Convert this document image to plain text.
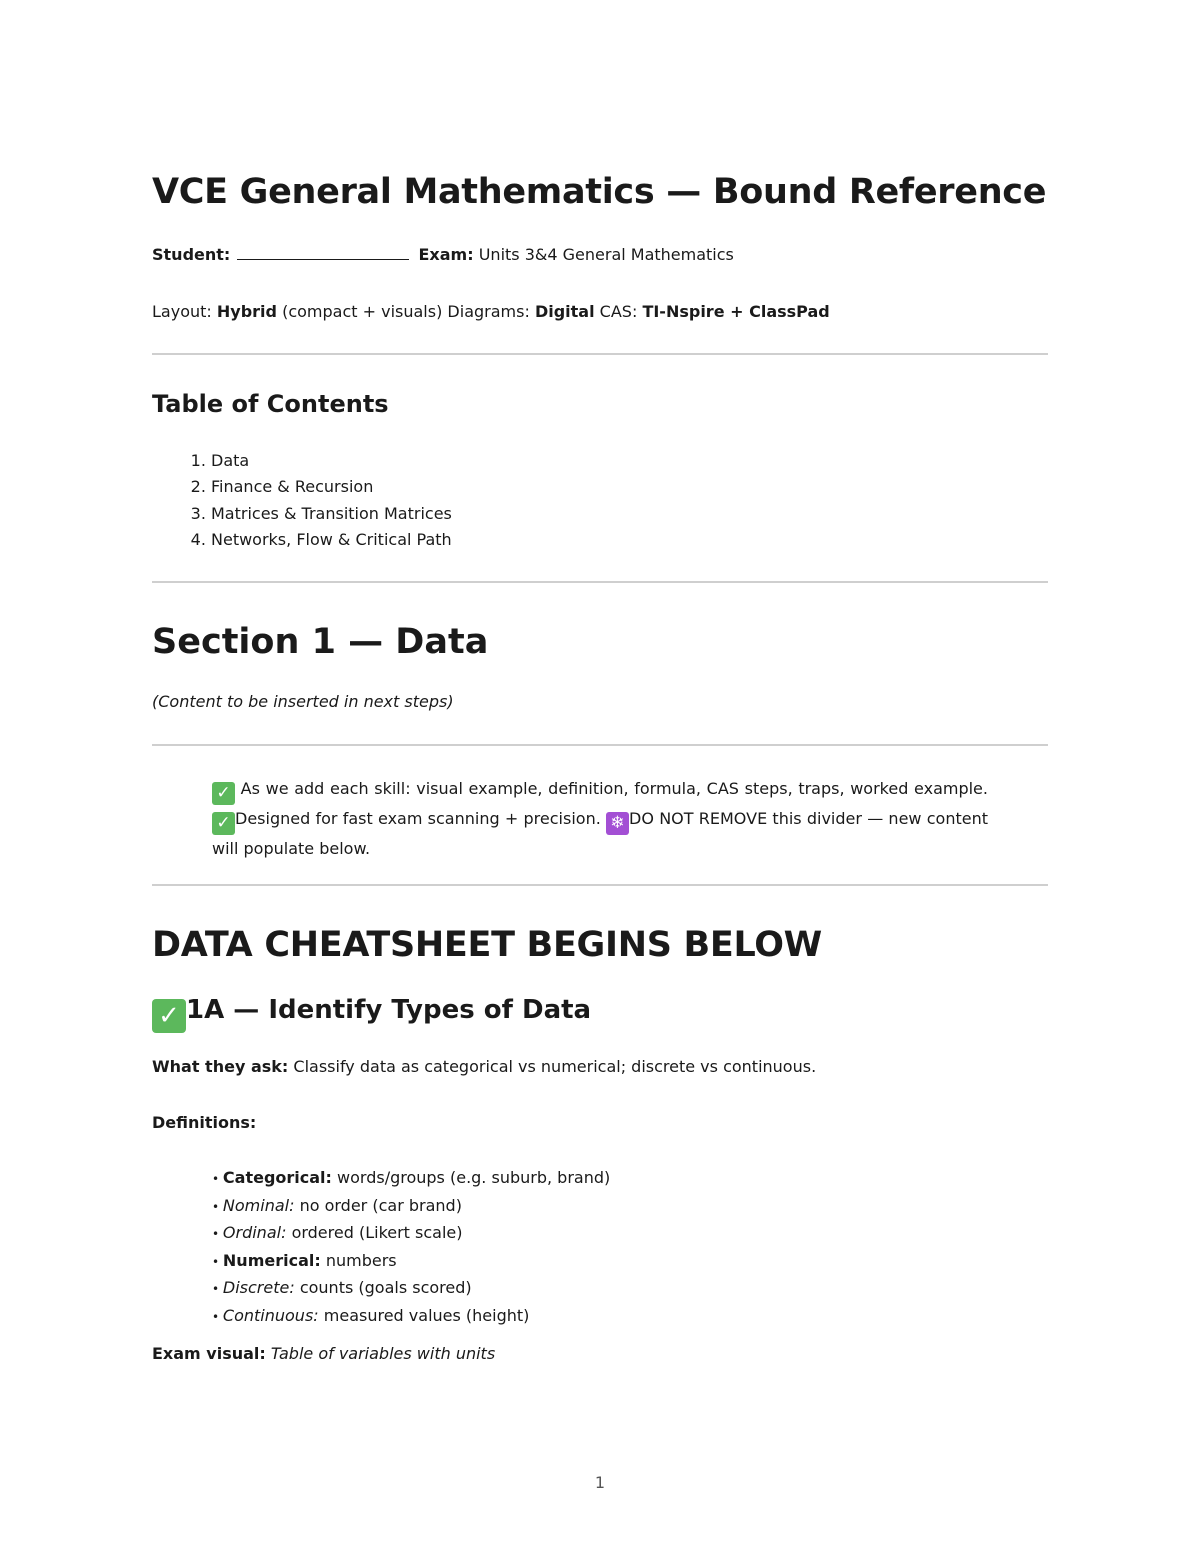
VCE General Mathematics — Bound Reference
Student:	Exam: Units 3&4 General Mathematics
Layout: Hybrid (compact + visuals) Diagrams: Digital CAS: TI-Nspire + ClassPad
Table of Contents
1. Data
2. Finance & Recursion
3. Matrices & Transition Matrices
4. Networks, Flow & Critical Path
Section 1 — Data
(Content to be inserted in next steps)
✓ As we add each skill: visual example, definition, formula, CAS steps, traps, worked example. ✓ Designed for fast exam scanning + precision. ❄ DO NOT REMOVE this divider — new content will populate below.
DATA CHEATSHEET BEGINS BELOW
✓ 1A — Identify Types of Data
What they ask: Classify data as categorical vs numerical; discrete vs continuous.
Definitions:
• Categorical: words/groups (e.g. suburb, brand)
• Nominal: no order (car brand)
• Ordinal: ordered (Likert scale)
• Numerical: numbers
• Discrete: counts (goals scored)
• Continuous: measured values (height)
Exam visual: Table of variables with units
1
